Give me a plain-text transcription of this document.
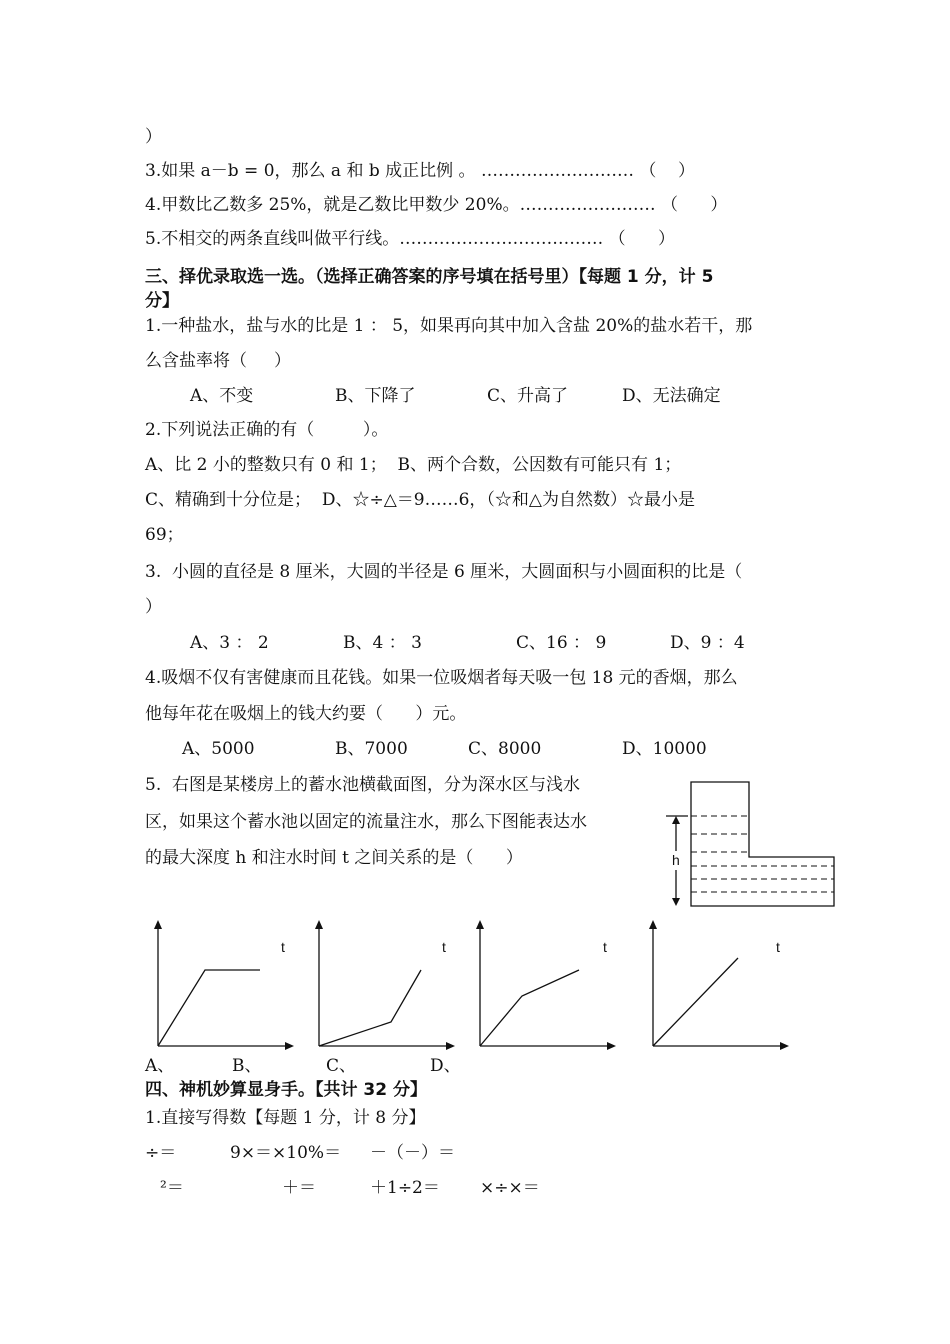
）
3.如果 a－b = 0，那么 a 和 b 成正比例 。 ……………………… （    ）
4.甲数比乙数多 25%，就是乙数比甲数少 20%。…………………… （      ）
5.不相交的两条直线叫做平行线。……………………………… （      ）
三、择优录取选一选。（选择正确答案的序号填在括号里）【每题 1 分，计 5
分】
1.一种盐水，盐与水的比是 1 ： 5，如果再向其中加入含盐 20%的盐水若干，那
么含盐率将（     ）
A、不变	B、下降了	C、升高了	D、无法确定
2.下列说法正确的有（         ）。
A、比 2 小的整数只有 0 和 1；  B、两个合数，公因数有可能只有 1；
C、精确到十分位是；  D、☆÷△＝9……6，（☆和△为自然数）☆最小是
69；
3.  小圆的直径是 8 厘米，大圆的半径是 6 厘米，大圆面积与小圆面积的比是（
）
A、3 ： 2	B、4 ： 3	C、16 ： 9	D、9 ：4
4.吸烟不仅有害健康而且花钱。如果一位吸烟者每天吸一包 18 元的香烟，那么
他每年花在吸烟上的钱大约要（      ）元。
A、5000	B、7000	C、8000	D、10000
5.  右图是某楼房上的蓄水池横截面图，分为深水区与浅水
区，如果这个蓄水池以固定的流量注水，那么下图能表达水
的最大深度 h 和注水时间 t 之间关系的是（      ）	h
t	t	t	t
A、	B、	C、	D、
四、神机妙算显身手。【共计 32 分】
1.直接写得数【每题 1 分，计 8 分】
÷＝	9×＝×10%＝ －（－）＝
²＝	＋＝	＋1÷2＝ ×÷×＝
